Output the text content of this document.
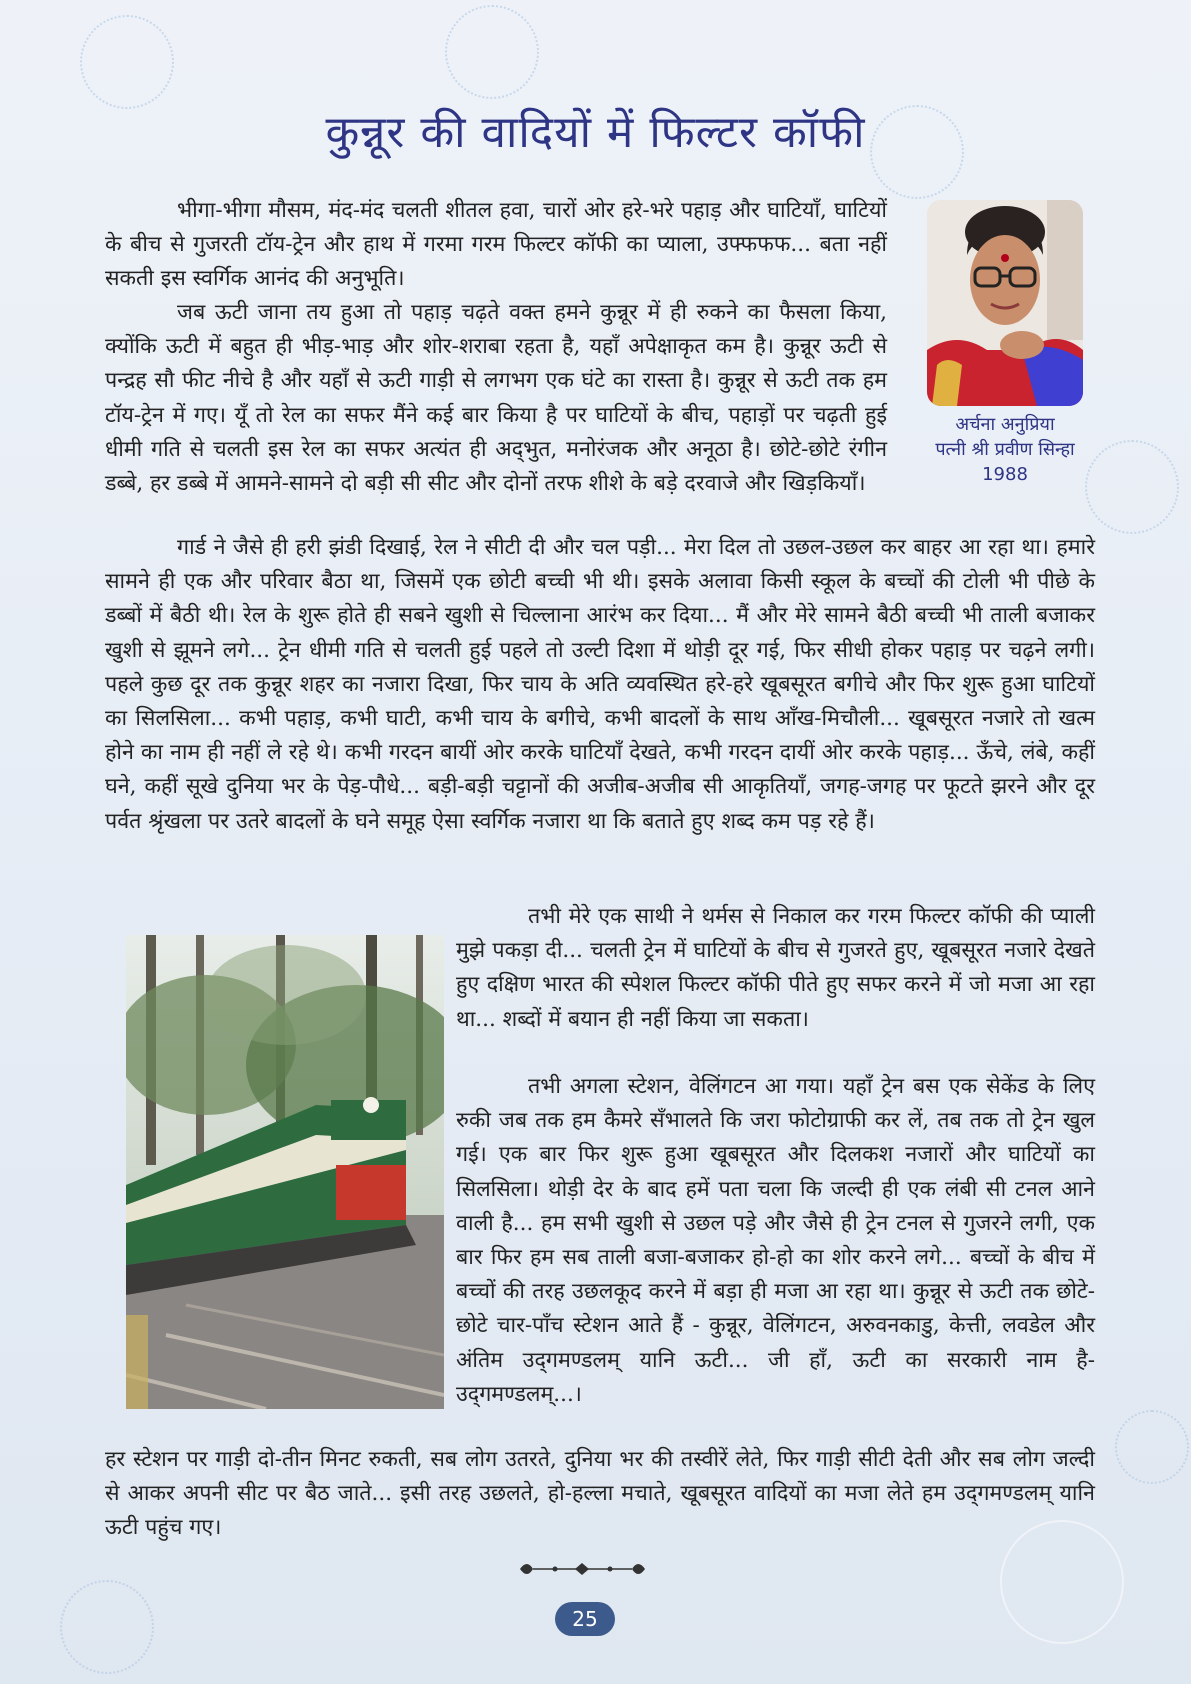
कुन्नूर की वादियों में फिल्टर कॉफी
अर्चना अनुप्रिया
पत्नी श्री प्रवीण सिन्हा
1988

भीगा-भीगा मौसम, मंद-मंद चलती शीतल हवा, चारों ओर हरे-भरे पहाड़ और घाटियाँ, घाटियों के बीच से गुजरती टॉय-ट्रेन और हाथ में गरमा गरम फिल्टर कॉफी का प्याला, उफ्फफफ... बता नहीं सकती इस स्वर्गिक आनंद की अनुभूति।

जब ऊटी जाना तय हुआ तो पहाड़ चढ़ते वक्त हमने कुन्नूर में ही रुकने का फैसला किया, क्योंकि ऊटी में बहुत ही भीड़-भाड़ और शोर-शराबा रहता है, यहाँ अपेक्षाकृत कम है। कुन्नूर ऊटी से पन्द्रह सौ फीट नीचे है और यहाँ से ऊटी गाड़ी से लगभग एक घंटे का रास्ता है। कुन्नूर से ऊटी तक हम टॉय-ट्रेन में गए। यूँ तो रेल का सफर मैंने कई बार किया है पर घाटियों के बीच, पहाड़ों पर चढ़ती हुई धीमी गति से चलती इस रेल का सफर अत्यंत ही अद्‌भुत, मनोरंजक और अनूठा है। छोटे-छोटे रंगीन डब्बे, हर डब्बे में आमने-सामने दो बड़ी सी सीट और दोनों तरफ शीशे के बड़े दरवाजे और खिड़कियाँ।

गार्ड ने जैसे ही हरी झंडी दिखाई, रेल ने सीटी दी और चल पड़ी... मेरा दिल तो उछल-उछल कर बाहर आ रहा था। हमारे सामने ही एक और परिवार बैठा था, जिसमें एक छोटी बच्ची भी थी। इसके अलावा किसी स्कूल के बच्चों की टोली भी पीछे के डब्बों में बैठी थी। रेल के शुरू होते ही सबने खुशी से चिल्लाना आरंभ कर दिया... मैं और मेरे सामने बैठी बच्ची भी ताली बजाकर खुशी से झूमने लगे... ट्रेन धीमी गति से चलती हुई पहले तो उल्टी दिशा में थोड़ी दूर गई, फिर सीधी होकर पहाड़ पर चढ़ने लगी। पहले कुछ दूर तक कुन्नूर शहर का नजारा दिखा, फिर चाय के अति व्यवस्थित हरे-हरे खूबसूरत बगीचे और फिर शुरू हुआ घाटियों का सिलसिला... कभी पहाड़, कभी घाटी, कभी चाय के बगीचे, कभी बादलों के साथ आँख-मिचौली... खूबसूरत नजारे तो खत्म होने का नाम ही नहीं ले रहे थे। कभी गरदन बायीं ओर करके घाटियाँ देखते, कभी गरदन दायीं ओर करके पहाड़... ऊँचे, लंबे, कहीं घने, कहीं सूखे दुनिया भर के पेड़-पौधे... बड़ी-बड़ी चट्टानों की अजीब-अजीब सी आकृतियाँ, जगह-जगह पर फूटते झरने और दूर पर्वत श्रृंखला पर उतरे बादलों के घने समूह ऐसा स्वर्गिक नजारा था कि बताते हुए शब्द कम पड़ रहे हैं।

तभी मेरे एक साथी ने थर्मस से निकाल कर गरम फिल्टर कॉफी की प्याली मुझे पकड़ा दी... चलती ट्रेन में घाटियों के बीच से गुजरते हुए, खूबसूरत नजारे देखते हुए दक्षिण भारत की स्पेशल फिल्टर कॉफी पीते हुए सफर करने में जो मजा आ रहा था... शब्दों में बयान ही नहीं किया जा सकता।

तभी अगला स्टेशन, वेलिंगटन आ गया। यहाँ ट्रेन बस एक सेकेंड के लिए रुकी जब तक हम कैमरे सँभालते कि जरा फोटोग्राफी कर लें, तब तक तो ट्रेन खुल गई। एक बार फिर शुरू हुआ खूबसूरत और दिलकश नजारों और घाटियों का सिलसिला। थोड़ी देर के बाद हमें पता चला कि जल्दी ही एक लंबी सी टनल आने वाली है... हम सभी खुशी से उछल पड़े और जैसे ही ट्रेन टनल से गुजरने लगी, एक बार फिर हम सब ताली बजा-बजाकर हो-हो का शोर करने लगे... बच्चों के बीच में बच्चों की तरह उछलकूद करने में बड़ा ही मजा आ रहा था। कुन्नूर से ऊटी तक छोटे-छोटे चार-पाँच स्टेशन आते हैं - कुन्नूर, वेलिंगटन, अरुवनकाडु, केत्ती, लवडेल और अंतिम उद्‌गमण्डलम्‌ यानि ऊटी... जी हाँ, ऊटी का सरकारी नाम है- उद्‌गमण्डलम्‌...।

हर स्टेशन पर गाड़ी दो-तीन मिनट रुकती, सब लोग उतरते, दुनिया भर की तस्वीरें लेते, फिर गाड़ी सीटी देती और सब लोग जल्दी से आकर अपनी सीट पर बैठ जाते... इसी तरह उछलते, हो-हल्ला मचाते, खूबसूरत वादियों का मजा लेते हम उद्‌गमण्डलम्‌ यानि ऊटी पहुंच गए।

25
